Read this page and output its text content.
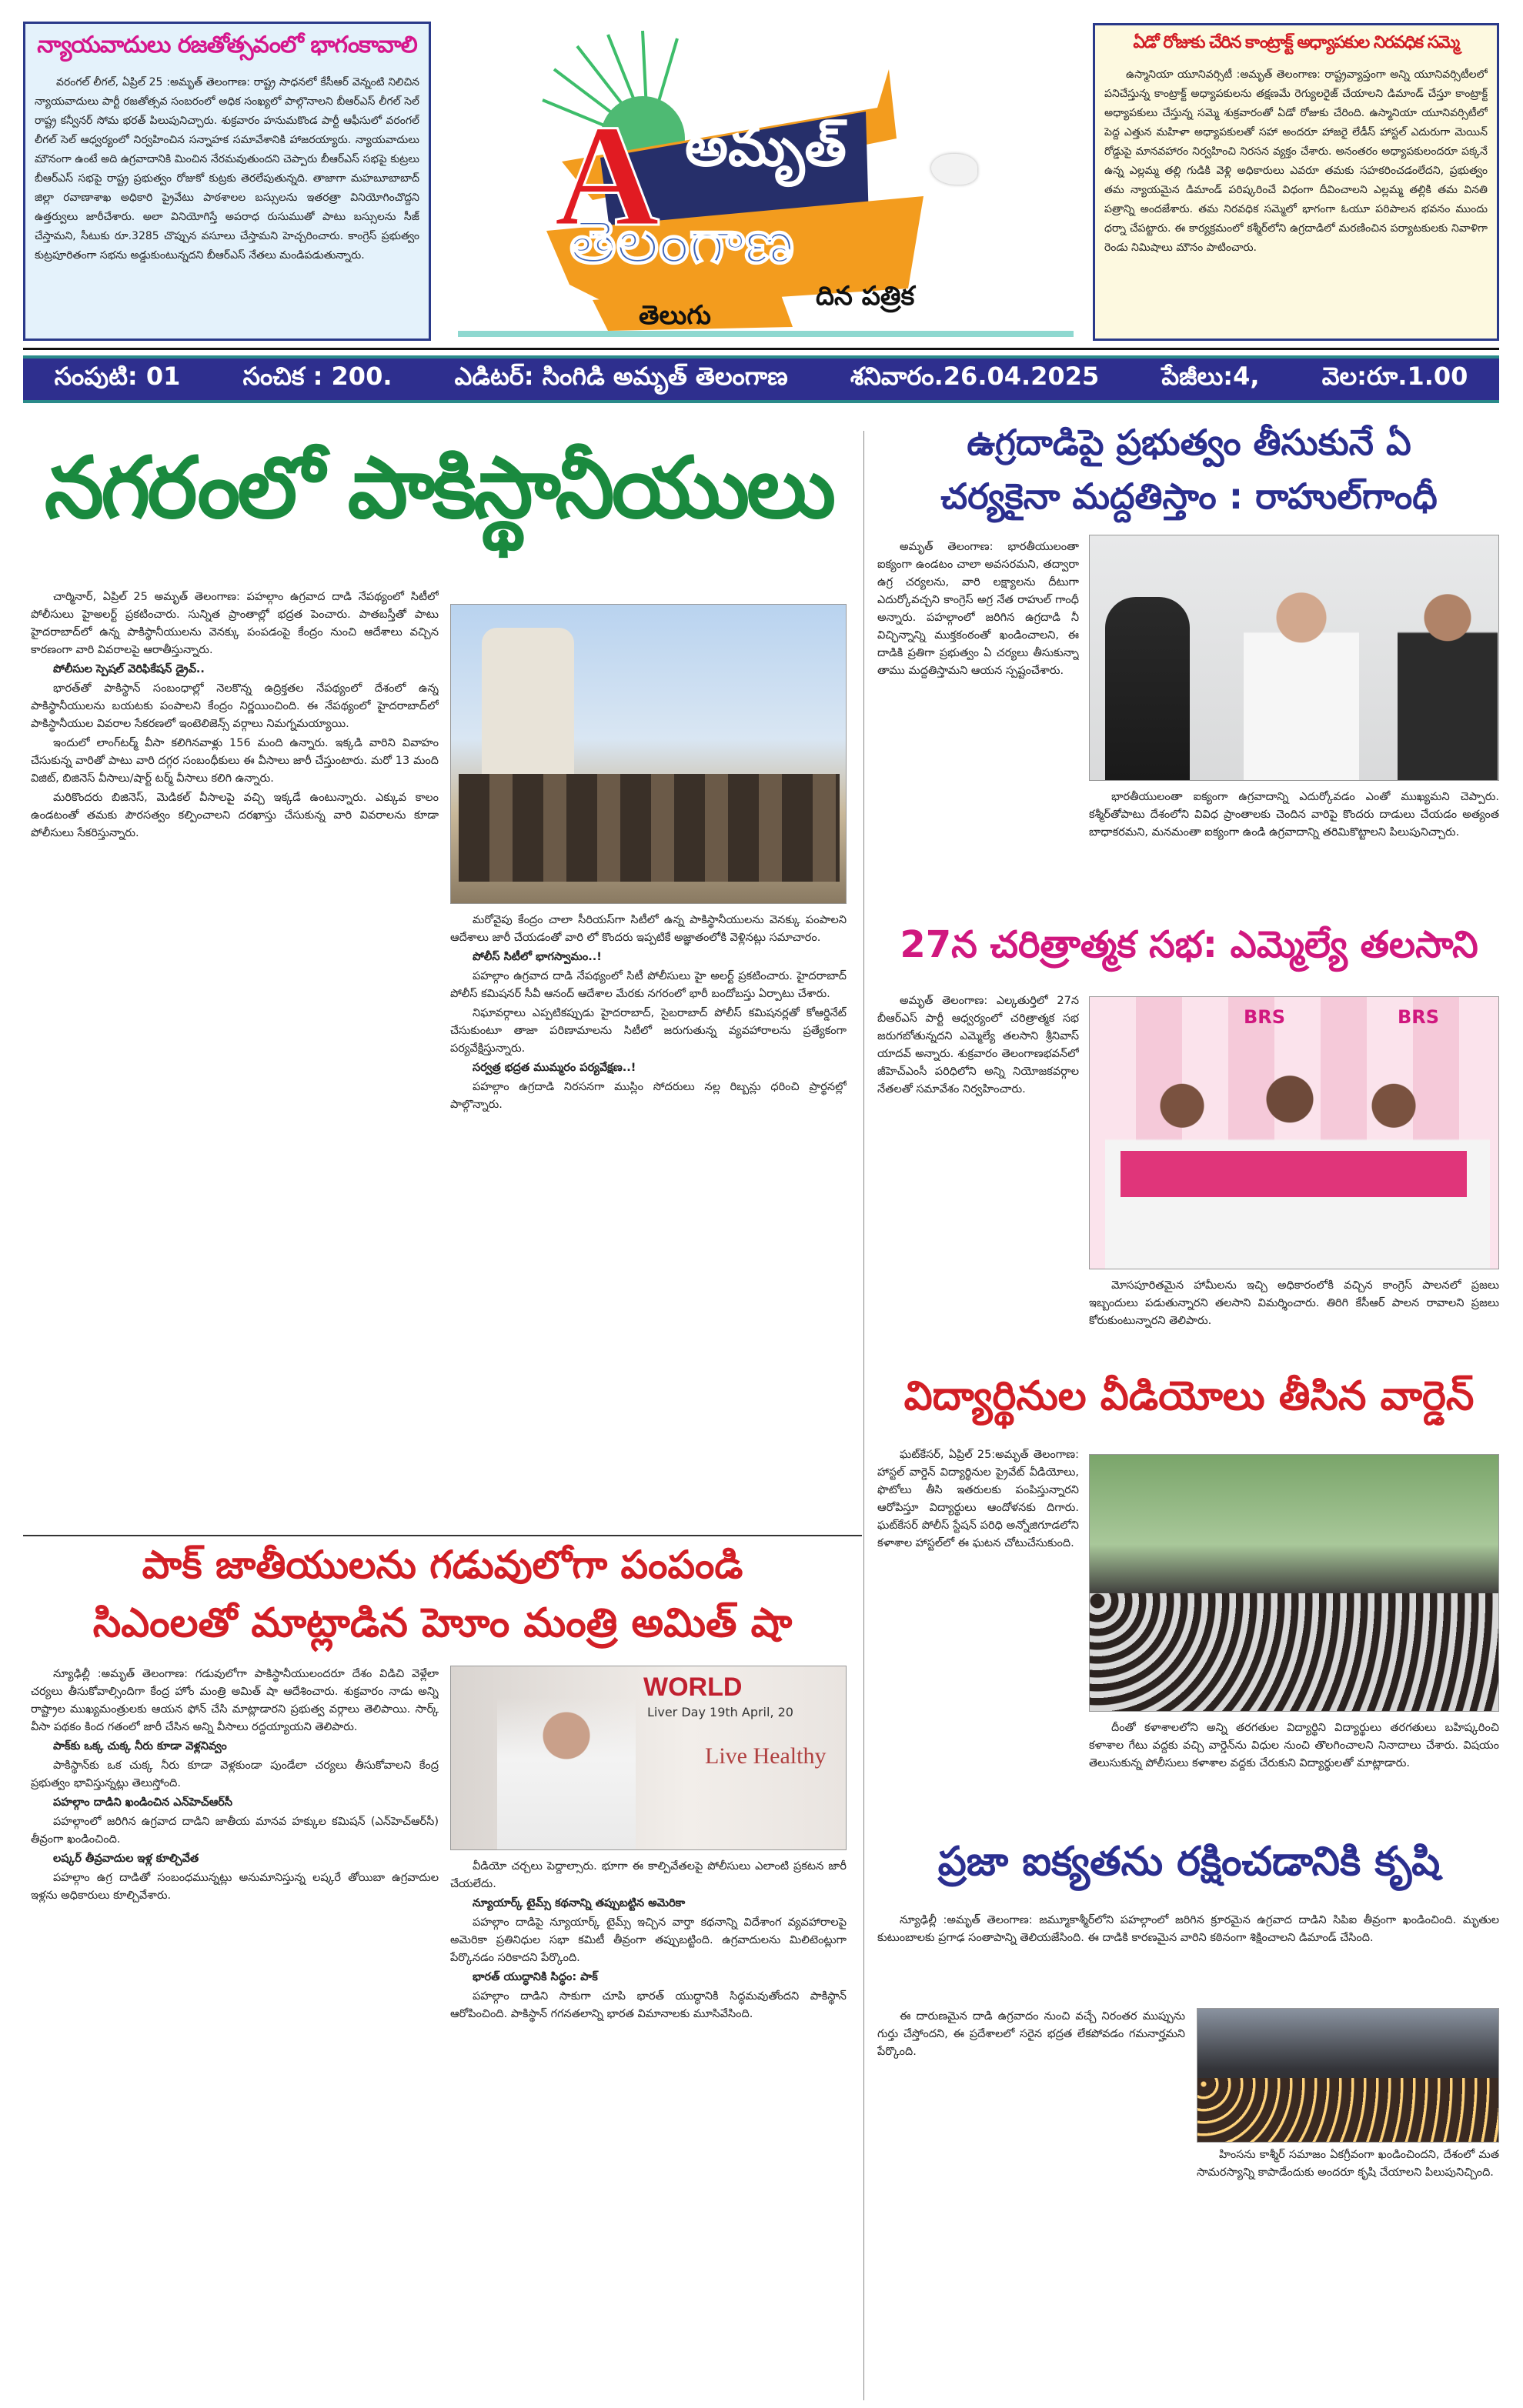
న్యాయవాదులు రజతోత్సవంలో భాగంకావాలి

వరంగల్ లీగల్, ఏప్రిల్ 25 :అమృత్ తెలంగాణ: రాష్ట్ర సాధనలో కేసీఆర్ వెన్నంటి నిలిచిన న్యాయవాదులు పార్టీ రజతోత్సవ సంబరంలో అధిక సంఖ్యలో పాల్గొనాలని బీఆర్ఎస్ లీగల్ సెల్ రాష్ట్ర కన్వీనర్ సోమ భరత్ పిలుపునిచ్చారు. శుక్రవారం హనుమకొండ పార్టీ ఆఫీసులో వరంగల్ లీగల్ సెల్ ఆధ్వర్యంలో నిర్వహించిన సన్నాహక సమావేశానికి హాజరయ్యారు. న్యాయవాదులు మౌనంగా ఉంటే అది ఉగ్రవాదానికి మించిన నేరమవుతుందని చెప్పారు బీఆర్ఎస్ సభపై కుట్రలు బీఆర్ఎస్ సభపై రాష్ట్ర ప్రభుత్వం రోజుకో కుట్రకు తెరలేపుతున్నది. తాజాగా మహబూబాబాద్ జిల్లా రవాణాశాఖ అధికారి ప్రైవేటు పాఠశాలల బస్సులను ఇతరత్రా వినియోగించొద్దని ఉత్తర్వులు జారీచేశారు. అలా వినియోగిస్తే అపరాధ రుసుముతో పాటు బస్సులను సీజ్ చేస్తామని, సీటుకు రూ.3285 చొప్పున వసూలు చేస్తామని హెచ్చరించారు. కాంగ్రెస్ ప్రభుత్వం కుట్రపూరితంగా సభను అడ్డుకుంటున్నదని బీఆర్ఎస్ నేతలు మండిపడుతున్నారు.	A అమృత్
తెలంగాణ
తెలుగు
దిన పత్రిక
ఏడో రోజుకు చేరిన కాంట్రాక్ట్ అధ్యాపకుల నిరవధిక సమ్మె

ఉస్మానియా యూనివర్సిటీ :అమృత్ తెలంగాణ: రాష్ట్రవ్యాప్తంగా అన్ని యూనివర్సిటీలలో పనిచేస్తున్న కాంట్రాక్ట్ అధ్యాపకులను తక్షణమే రెగ్యులరైజ్ చేయాలని డిమాండ్ చేస్తూ కాంట్రాక్ట్ అధ్యాపకులు చేస్తున్న సమ్మె శుక్రవారంతో ఏడో రోజుకు చేరింది. ఉస్మానియా యూనివర్సిటీలో పెద్ద ఎత్తున మహిళా అధ్యాపకులతో సహా అందరూ హాజరై లేడీస్ హాస్టల్ ఎదురుగా మెయిన్ రోడ్డుపై మానవహారం నిర్వహించి నిరసన వ్యక్తం చేశారు. అనంతరం అధ్యాపకులందరూ పక్కనే ఉన్న ఎల్లమ్మ తల్లి గుడికి వెళ్లి అధికారులు ఎవరూ తమకు సహకరించడంలేదని, ప్రభుత్వం తమ న్యాయమైన డిమాండ్ పరిష్కరించే విధంగా దీవించాలని ఎల్లమ్మ తల్లికి తమ వినతి పత్రాన్ని అందజేశారు. తమ నిరవధిక సమ్మెలో భాగంగా ఓయూ పరిపాలన భవనం ముందు ధర్నా చేపట్టారు. ఈ కార్యక్రమంలో కశ్మీర్‌లోని ఉగ్రదాడిలో మరణించిన పర్యాటకులకు నివాళిగా రెండు నిమిషాలు మౌనం పాటించారు.

సంపుటి: 01	సంచిక : 200.	ఎడిటర్: సింగిడి అమృత్ తెలంగాణ	శనివారం.26.04.2025	పేజీలు:4,	వెల:రూ.1.00
నగరంలో పాకిస్థానీయులు

చార్మినార్, ఏప్రిల్ 25 అమృత్ తెలంగాణ: పహల్గాం ఉగ్రవాద దాడి నేపథ్యంలో సిటీలో పోలీసులు హైఅలర్ట్ ప్రకటించారు. సున్నిత ప్రాంతాల్లో భద్రత పెంచారు. పాతబస్తీతో పాటు హైదరాబాద్‌లో ఉన్న పాకిస్థానీయులను వెనక్కు పంపడంపై కేంద్రం నుంచి ఆదేశాలు వచ్చిన కారణంగా వారి వివరాలపై ఆరాతీస్తున్నారు.

పోలీసుల స్పెషల్ వెరిఫికేషన్ డ్రైవ్..

భారత్‌తో పాకిస్థాన్ సంబంధాల్లో నెలకొన్న ఉద్రిక్తతల నేపథ్యంలో దేశంలో ఉన్న పాకిస్థానీయులను బయటకు పంపాలని కేంద్రం నిర్ణయించింది. ఈ నేపథ్యంలో హైదరాబాద్‌లో పాకిస్థానీయుల వివరాల సేకరణలో ఇంటెలిజెన్స్ వర్గాలు నిమగ్నమయ్యాయి.

ఇందులో లాంగ్‌టర్మ్ వీసా కలిగినవాళ్లు 156 మంది ఉన్నారు. ఇక్కడి వారిని వివాహం చేసుకున్న వారితో పాటు వారి దగ్గర సంబంధీకులు ఈ వీసాలు జారీ చేస్తుంటారు. మరో 13 మంది విజిట్, బిజినెస్ వీసాలు/షార్ట్ టర్మ్ వీసాలు కలిగి ఉన్నారు.

మరికొందరు బిజినెస్, మెడికల్ వీసాలపై వచ్చి ఇక్కడే ఉంటున్నారు. ఎక్కువ కాలం ఉండటంతో తమకు పౌరసత్వం కల్పించాలని దరఖాస్తు చేసుకున్న వారి వివరాలను కూడా పోలీసులు సేకరిస్తున్నారు.

మరోవైపు కేంద్రం చాలా సీరియస్‌గా సిటీలో ఉన్న పాకిస్థానీయులను వెనక్కు పంపాలని ఆదేశాలు జారీ చేయడంతో వారి లో కొందరు ఇప్పటికే అజ్ఞాతంలోకి వెళ్లినట్లు సమాచారం.

పోలీస్ సిటీలో భాగస్వామం..!

పహల్గాం ఉగ్రవాద దాడి నేపథ్యంలో సిటీ పోలీసులు హై అలర్ట్ ప్రకటించారు. హైదరాబాద్ పోలీస్ కమిషనర్ సీవీ ఆనంద్ ఆదేశాల మేరకు నగరంలో భారీ బందోబస్తు ఏర్పాటు చేశారు.

నిఘావర్గాలు ఎప్పటికప్పుడు హైదరాబాద్, సైబరాబాద్ పోలీస్ కమిషనర్లతో కోఆర్డినేట్ చేసుకుంటూ తాజా పరిణామాలను సిటీలో జరుగుతున్న వ్యవహారాలను ప్రత్యేకంగా పర్యవేక్షిస్తున్నారు.

సర్వత్ర భద్రత ముమ్మరం పర్యవేక్షణ..!

పహల్గాం ఉగ్రదాడి నిరసనగా ముస్లిం సోదరులు నల్ల రిబ్బన్లు ధరించి ప్రార్థనల్లో పాల్గొన్నారు.

పాక్ జాతీయులను గడువులోగా పంపండి
సిఎంలతో మాట్లాడిన హెూం మంత్రి అమిత్ షా

న్యూఢిల్లీ :అమృత్ తెలంగాణ: గడువులోగా పాకిస్థానీయులందరూ దేశం విడిచి వెళ్లేలా చర్యలు తీసుకోవాల్సిందిగా కేంద్ర హోం మంత్రి అమిత్ షా ఆదేశించారు. శుక్రవారం నాడు అన్ని రాష్ట్రాల ముఖ్యమంత్రులకు ఆయన ఫోన్ చేసి మాట్లాడారని ప్రభుత్వ వర్గాలు తెలిపాయి. సార్క్ వీసా పథకం కింద గతంలో జారీ చేసిన అన్ని వీసాలు రద్దయ్యాయని తెలిపారు.

పాక్‌కు ఒక్క చుక్క నీరు కూడా వెళ్లనివ్వం

పాకిస్థాన్‌కు ఒక చుక్క నీరు కూడా వెళ్లకుండా పుండేలా చర్యలు తీసుకోవాలని కేంద్ర ప్రభుత్వం భావిస్తున్నట్లు తెలుస్తోంది.

పహల్గాం దాడిని ఖండించిన ఎన్‌హెచ్‌ఆర్‌సీ

పహల్గాంలో జరిగిన ఉగ్రవాద దాడిని జాతీయ మానవ హక్కుల కమిషన్ (ఎన్‌హెచ్‌ఆర్‌సీ) తీవ్రంగా ఖండించింది.

లష్కర్ తీవ్రవాదుల ఇళ్ల కూల్చివేత

పహల్గాం ఉగ్ర దాడితో సంబంధమున్నట్లు అనుమానిస్తున్న లష్కరే తోయిబా ఉగ్రవాదుల ఇళ్లను అధికారులు కూల్చివేశారు.

WORLD
Liver Day 19th April, 20
Live Healthy

వీడియో చర్చలు పెద్దాల్సారు. భూగా ఈ కాల్పివేతలపై పోలీసులు ఎలాంటి ప్రకటన జారీ చేయలేదు.

న్యూయార్క్ టైమ్స్ కథనాన్ని తప్పుబట్టిన అమెరికా

పహల్గాం దాడిపై న్యూయార్క్ టైమ్స్ ఇచ్చిన వార్తా కథనాన్ని విదేశాంగ వ్యవహారాలపై అమెరికా ప్రతినిధుల సభా కమిటీ తీవ్రంగా తప్పుబట్టింది. ఉగ్రవాదులను మిలిటెంట్లుగా పేర్కొనడం సరికాదని పేర్కొంది.

భారత్ యుద్ధానికి సిద్ధం: పాక్

పహల్గాం దాడిని సాకుగా చూపి భారత్ యుద్ధానికి సిద్ధమవుతోందని పాకిస్థాన్ ఆరోపించింది. పాకిస్థాన్ గగనతలాన్ని భారత విమానాలకు మూసివేసింది.

ఉగ్రదాడిపై ప్రభుత్వం తీసుకునే ఏ
చర్యకైనా మద్దతిస్తాం : రాహుల్‌గాంధీ

అమృత్ తెలంగాణ: భారతీయులంతా ఐక్యంగా ఉండటం చాలా అవసరమని, తద్వారా ఉగ్ర చర్యలను, వారి లక్ష్యాలను దీటుగా ఎదుర్కోవచ్చని కాంగ్రెస్ అగ్ర నేత రాహుల్ గాంధీ అన్నారు. పహల్గాంలో జరిగిన ఉగ్రదాడి నీ విచ్ఛిన్నాన్ని ముక్తకంఠంతో ఖండించాలని, ఈ దాడికి ప్రతిగా ప్రభుత్వం ఏ చర్యలు తీసుకున్నా తాము మద్దతిస్తామని ఆయన స్పష్టంచేశారు.

భారతీయులంతా ఐక్యంగా ఉగ్రవాదాన్ని ఎదుర్కోవడం ఎంతో ముఖ్యమని చెప్పారు. కశ్మీర్‌తోపాటు దేశంలోని వివిధ ప్రాంతాలకు చెందిన వారిపై కొందరు దాడులు చేయడం అత్యంత బాధాకరమని, మనమంతా ఐక్యంగా ఉండి ఉగ్రవాదాన్ని తరిమికొట్టాలని పిలుపునిచ్చారు.

27న చరిత్రాత్మక సభ: ఎమ్మెల్యే తలసాని

అమృత్ తెలంగాణ: ఎల్కతుర్తిలో 27న బీఆర్ఎస్ పార్టీ ఆధ్వర్యంలో చరిత్రాత్మక సభ జరుగబోతున్నదని ఎమ్మెల్యే తలసాని శ్రీనివాస్ యాదవ్ అన్నారు. శుక్రవారం తెలంగాణభవన్‌లో జీహెచ్ఎంసీ పరిధిలోని అన్ని నియోజకవర్గాల నేతలతో సమావేశం నిర్వహించారు.

BRS	BRS

మోసపూరితమైన హామీలను ఇచ్చి అధికారంలోకి వచ్చిన కాంగ్రెస్ పాలనలో ప్రజలు ఇబ్బందులు పడుతున్నారని తలసాని విమర్శించారు. తిరిగి కేసీఆర్ పాలన రావాలని ప్రజలు కోరుకుంటున్నారని తెలిపారు.

విద్యార్థినుల వీడియోలు తీసిన వార్డెన్

ఘట్‌కేసర్, ఏప్రిల్ 25:అమృత్ తెలంగాణ: హాస్టల్ వార్డెన్ విద్యార్థినుల ప్రైవేట్ వీడియోలు, ఫొటోలు తీసి ఇతరులకు పంపిస్తున్నారని ఆరోపిస్తూ విద్యార్థులు ఆందోళనకు దిగారు. ఘట్‌కేసర్ పోలీస్ స్టేషన్ పరిధి అన్నోజిగూడలోని కళాశాల హాస్టల్‌లో ఈ ఘటన చోటుచేసుకుంది.

దీంతో కళాశాలలోని అన్ని తరగతుల విద్యార్థిని విద్యార్థులు తరగతులు బహిష్కరించి కళాశాల గేటు వద్దకు వచ్చి వార్డెన్‌ను విధుల నుంచి తొలగించాలని నినాదాలు చేశారు. విషయం తెలుసుకున్న పోలీసులు కళాశాల వద్దకు చేరుకుని విద్యార్థులతో మాట్లాడారు.

ప్రజా ఐక్యతను రక్షించడానికి కృషి

న్యూఢిల్లీ :అమృత్ తెలంగాణ: జమ్మూకాశ్మీర్‌లోని పహల్గాంలో జరిగిన క్రూరమైన ఉగ్రవాద దాడిని సిపిఐ తీవ్రంగా ఖండించింది. మృతుల కుటుంబాలకు ప్రగాఢ సంతాపాన్ని తెలియజేసింది. ఈ దాడికి కారణమైన వారిని కఠినంగా శిక్షించాలని డిమాండ్ చేసింది.

ఈ దారుణమైన దాడి ఉగ్రవాదం నుంచి వచ్చే నిరంతర ముప్పును గుర్తు చేస్తోందని, ఈ ప్రదేశాలలో సరైన భద్రత లేకపోవడం గమనార్హమని పేర్కొంది.

హింసను కాశ్మీర్ సమాజం ఏకగ్రీవంగా ఖండించిందని, దేశంలో మత సామరస్యాన్ని కాపాడేందుకు అందరూ కృషి చేయాలని పిలుపునిచ్చింది.
